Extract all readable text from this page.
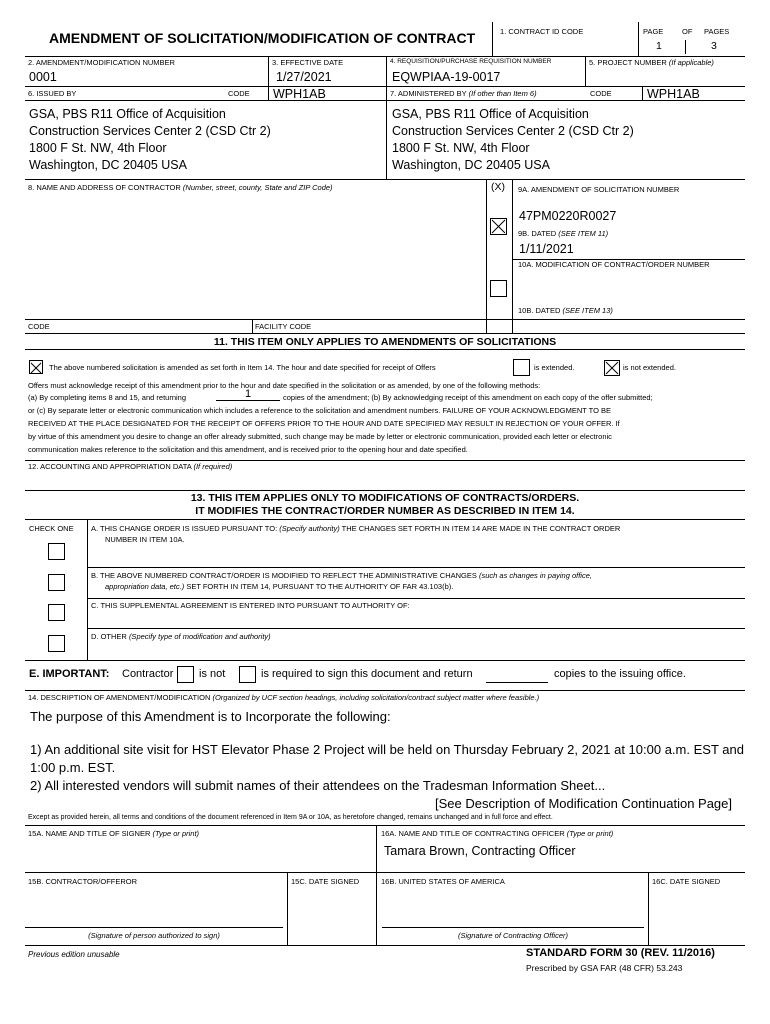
AMENDMENT OF SOLICITATION/MODIFICATION OF CONTRACT	1. CONTRACT ID CODE	PAGE OF PAGES
1	3
2. AMENDMENT/MODIFICATION NUMBER
0001
3. EFFECTIVE DATE
1/27/2021
4. REQUISITION/PURCHASE REQUISITION NUMBER
EQWPIAA-19-0017
5. PROJECT NUMBER (If applicable)
6. ISSUED BY	CODE WPH1AB	7. ADMINISTERED BY (If other than Item 6)	CODE	WPH1AB
GSA, PBS R11 Office of Acquisition
Construction Services Center 2 (CSD Ctr 2)
1800 F St. NW, 4th Floor
Washington, DC 20405 USA
GSA, PBS R11 Office of Acquisition
Construction Services Center 2 (CSD Ctr 2)
1800 F St. NW, 4th Floor
Washington, DC 20405 USA
8. NAME AND ADDRESS OF CONTRACTOR (Number, street, county, State and ZIP Code)	(X) 9A. AMENDMENT OF SOLICITATION NUMBER
47PM0220R0027
9B. DATED (SEE ITEM 11)
1/11/2021
10A. MODIFICATION OF CONTRACT/ORDER NUMBER
10B. DATED (SEE ITEM 13)
CODE	FACILITY CODE
11. THIS ITEM ONLY APPLIES TO AMENDMENTS OF SOLICITATIONS
The above numbered solicitation is amended as set forth in Item 14. The hour and date specified for receipt of Offers	is extended.	is not extended.
Offers must acknowledge receipt of this amendment prior to the hour and date specified in the solicitation or as amended, by one of the following methods:
(a) By completing items 8 and 15, and returning	1	copies of the amendment; (b) By acknowledging receipt of this amendment on each copy of the offer submitted;
or (c) By separate letter or electronic communication which includes a reference to the solicitation and amendment numbers. FAILURE OF YOUR ACKNOWLEDGMENT TO BE
RECEIVED AT THE PLACE DESIGNATED FOR THE RECEIPT OF OFFERS PRIOR TO THE HOUR AND DATE SPECIFIED MAY RESULT IN REJECTION OF YOUR OFFER. If
by virtue of this amendment you desire to change an offer already submitted, such change may be made by letter or electronic communication, provided each letter or electronic
communication makes reference to the solicitation and this amendment, and is received prior to the opening hour and date specified.
12. ACCOUNTING AND APPROPRIATION DATA (If required)
13. THIS ITEM APPLIES ONLY TO MODIFICATIONS OF CONTRACTS/ORDERS.
IT MODIFIES THE CONTRACT/ORDER NUMBER AS DESCRIBED IN ITEM 14.
CHECK ONE A. THIS CHANGE ORDER IS ISSUED PURSUANT TO: (Specify authority) THE CHANGES SET FORTH IN ITEM 14 ARE MADE IN THE CONTRACT ORDER
NUMBER IN ITEM 10A.
B. THE ABOVE NUMBERED CONTRACT/ORDER IS MODIFIED TO REFLECT THE ADMINISTRATIVE CHANGES (such as changes in paying office,
appropriation data, etc.) SET FORTH IN ITEM 14, PURSUANT TO THE AUTHORITY OF FAR 43.103(b).
C. THIS SUPPLEMENTAL AGREEMENT IS ENTERED INTO PURSUANT TO AUTHORITY OF:
D. OTHER (Specify type of modification and authority)
E. IMPORTANT: Contractor is not	is required to sign this document and return	copies to the issuing office.
14. DESCRIPTION OF AMENDMENT/MODIFICATION (Organized by UCF section headings, including solicitation/contract subject matter where feasible.)
The purpose of this Amendment is to Incorporate the following:
1) An additional site visit for HST Elevator Phase 2 Project will be held on Thursday February 2, 2021 at 10:00 a.m. EST and
1:00 p.m. EST.
2) All interested vendors will submit names of their attendees on the Tradesman Information Sheet...
[See Description of Modification Continuation Page]
Except as provided herein, all terms and conditions of the document referenced in Item 9A or 10A, as heretofore changed, remains unchanged and in full force and effect.
15A. NAME AND TITLE OF SIGNER (Type or print)	16A. NAME AND TITLE OF CONTRACTING OFFICER (Type or print)
Tamara Brown, Contracting Officer
15B. CONTRACTOR/OFFEROR	15C. DATE SIGNED	16B. UNITED STATES OF AMERICA	16C. DATE SIGNED
(Signature of person authorized to sign)	(Signature of Contracting Officer)
Previous edition unusable	STANDARD FORM 30 (REV. 11/2016)
Prescribed by GSA FAR (48 CFR) 53.243
